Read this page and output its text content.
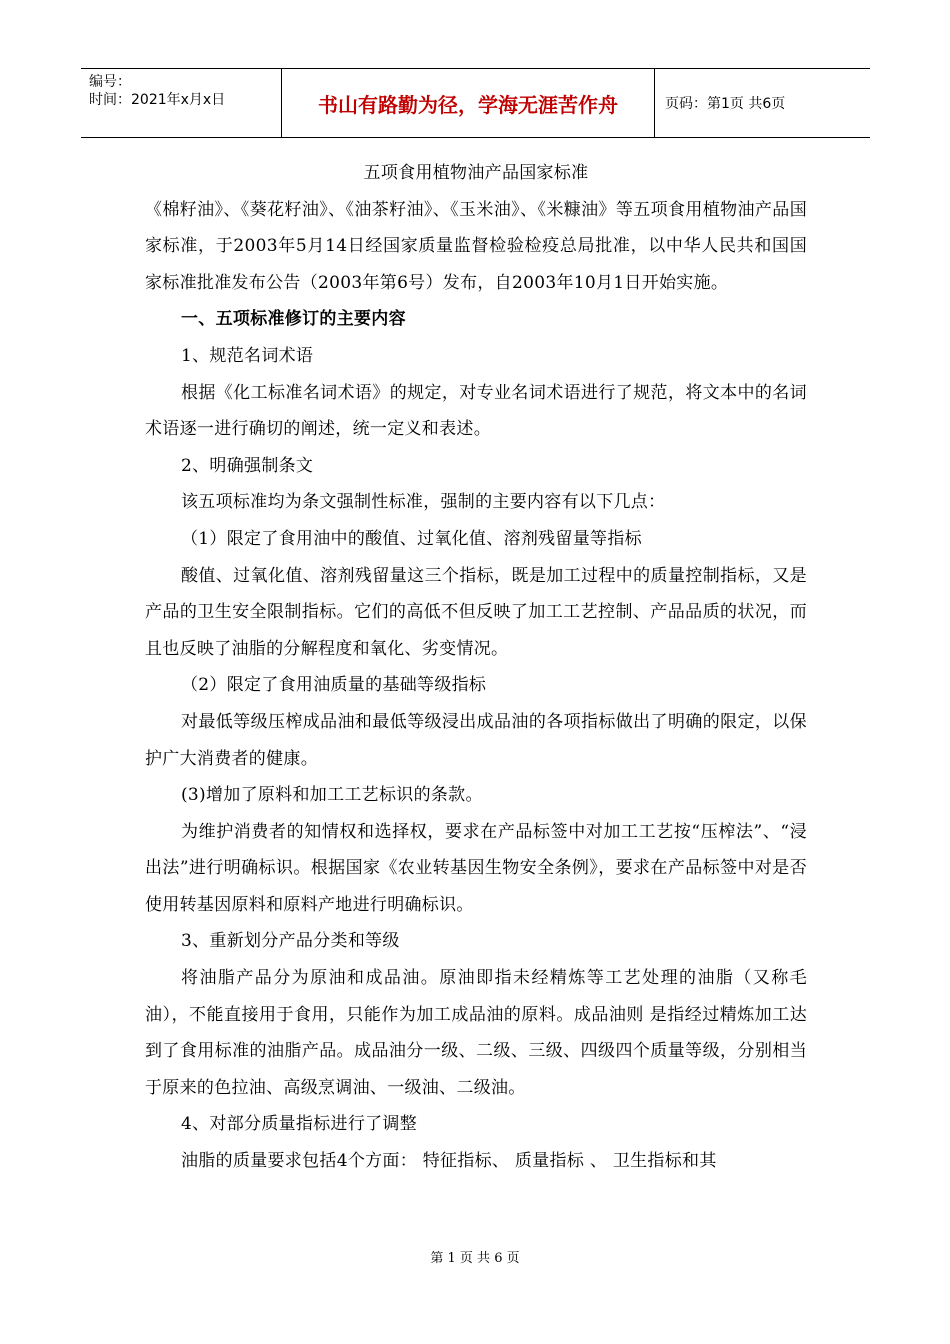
编号：
时间：2021年x月x日	书山有路勤为径，学海无涯苦作舟	页码：第1页 共6页

五项食用植物油产品国家标准

《棉籽油》、《葵花籽油》、《油茶籽油》、《玉米油》、《米糠油》等五项食用植物油产品国家标准，于2003年5月14日经国家质量监督检验检疫总局批准，以中华人民共和国国家标准批准发布公告（2003年第6号）发布，自2003年10月1日开始实施。

一、五项标准修订的主要内容

1、规范名词术语

根据《化工标准名词术语》的规定，对专业名词术语进行了规范，将文本中的名词术语逐一进行确切的阐述，统一定义和表述。

2、明确强制条文

该五项标准均为条文强制性标准，强制的主要内容有以下几点：

（1）限定了食用油中的酸值、过氧化值、溶剂残留量等指标

酸值、过氧化值、溶剂残留量这三个指标，既是加工过程中的质量控制指标，又是产品的卫生安全限制指标。它们的高低不但反映了加工工艺控制、产品品质的状况，而且也反映了油脂的分解程度和氧化、劣变情况。

（2）限定了食用油质量的基础等级指标

对最低等级压榨成品油和最低等级浸出成品油的各项指标做出了明确的限定，以保护广大消费者的健康。

(3)增加了原料和加工工艺标识的条款。

为维护消费者的知情权和选择权，要求在产品标签中对加工工艺按“压榨法”、“浸出法”进行明确标识。根据国家《农业转基因生物安全条例》，要求在产品标签中对是否使用转基因原料和原料产地进行明确标识。

3、重新划分产品分类和等级

将油脂产品分为原油和成品油。原油即指未经精炼等工艺处理的油脂（又称毛油），不能直接用于食用，只能作为加工成品油的原料。成品油则 是指经过精炼加工达到了食用标准的油脂产品。成品油分一级、二级、三级、四级四个质量等级，分别相当于原来的色拉油、高级烹调油、一级油、二级油。

4、对部分质量指标进行了调整

油脂的质量要求包括4个方面： 特征指标、 质量指标 、 卫生指标和其

第 1 页 共 6 页
